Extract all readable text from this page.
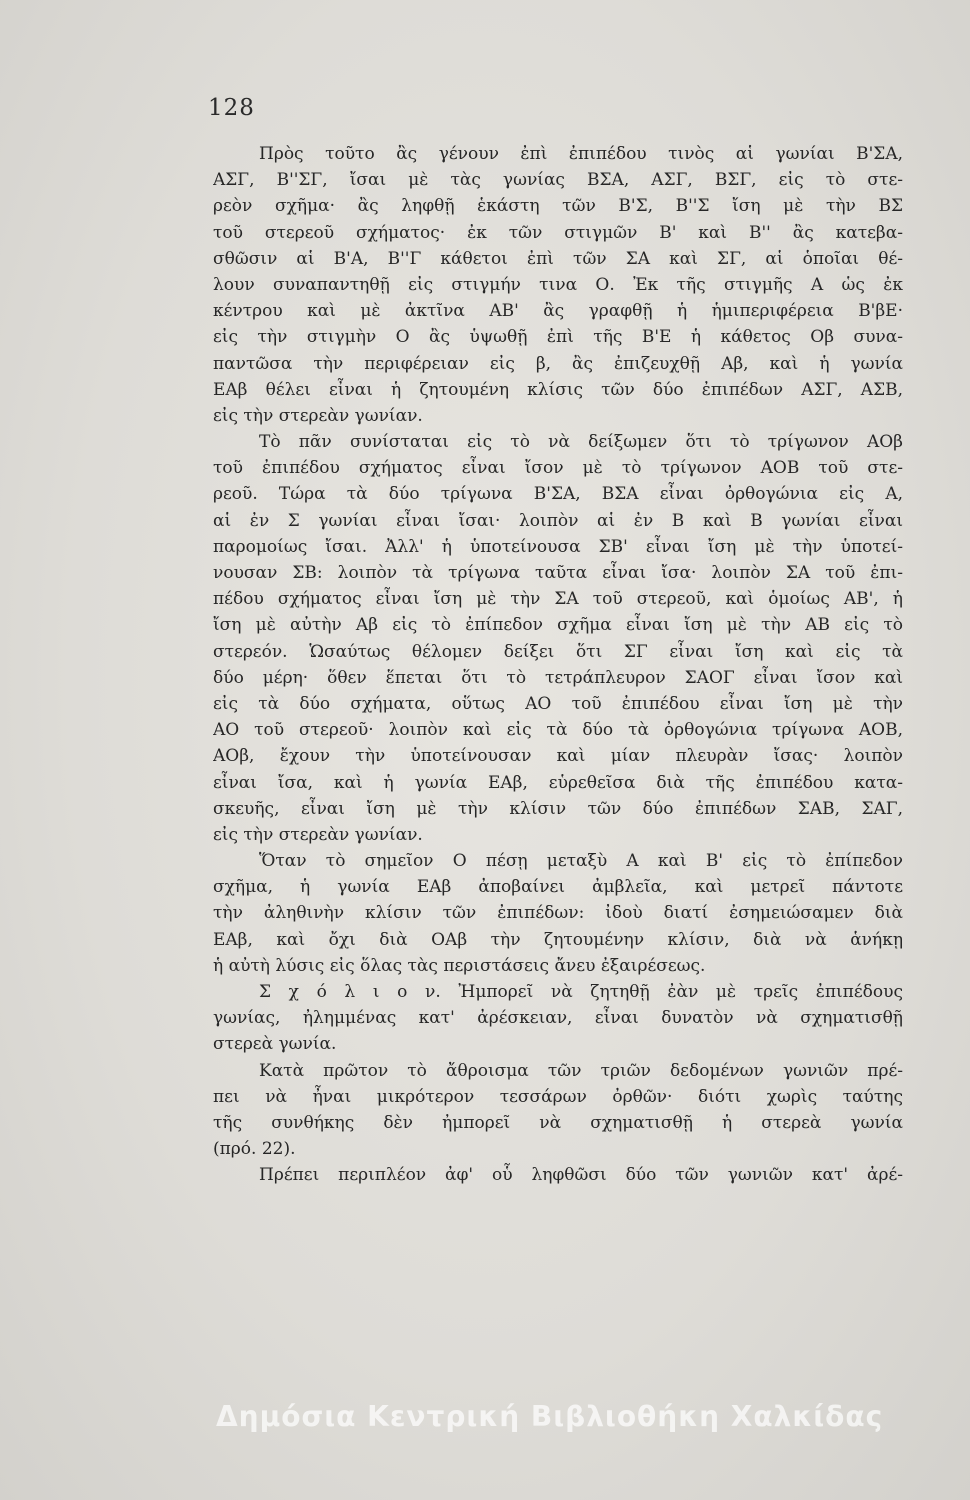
128
Πρὸς τοῦτο ἂς γένουν ἐπὶ ἐπιπέδου τινὸς αἱ γωνίαι Β'ΣΑ,
ΑΣΓ, Β''ΣΓ, ἴσαι μὲ τὰς γωνίας ΒΣΑ, ΑΣΓ, ΒΣΓ, εἰς τὸ στε-
ρεὸν σχῆμα· ἂς ληφθῇ ἑκάστη τῶν Β'Σ, Β''Σ ἴση μὲ τὴν ΒΣ
τοῦ στερεοῦ σχήματος· ἐκ τῶν στιγμῶν Β' καὶ Β'' ἂς κατεβα-
σθῶσιν αἱ Β'Α, Β''Γ κάθετοι ἐπὶ τῶν ΣΑ καὶ ΣΓ, αἱ ὁποῖαι θέ-
λουν συναπαντηθῇ εἰς στιγμήν τινα Ο. Ἐκ τῆς στιγμῆς Α ὡς ἐκ
κέντρου καὶ μὲ ἀκτῖνα ΑΒ' ἂς γραφθῇ ἡ ἡμιπεριφέρεια Β'βΕ·
εἰς τὴν στιγμὴν Ο ἂς ὑψωθῇ ἐπὶ τῆς Β'Ε ἡ κάθετος Οβ συνα-
παντῶσα τὴν περιφέρειαν εἰς β, ἂς ἐπιζευχθῇ Αβ, καὶ ἡ γωνία
ΕΑβ θέλει εἶναι ἡ ζητουμένη κλίσις τῶν δύο ἐπιπέδων ΑΣΓ, ΑΣΒ,
εἰς τὴν στερεὰν γωνίαν.
Τὸ πᾶν συνίσταται εἰς τὸ νὰ δείξωμεν ὅτι τὸ τρίγωνον ΑΟβ
τοῦ ἐπιπέδου σχήματος εἶναι ἴσον μὲ τὸ τρίγωνον ΑΟΒ τοῦ στε-
ρεοῦ. Τώρα τὰ δύο τρίγωνα Β'ΣΑ, ΒΣΑ εἶναι ὀρθογώνια εἰς Α,
αἱ ἐν Σ γωνίαι εἶναι ἴσαι· λοιπὸν αἱ ἐν Β καὶ Β γωνίαι εἶναι
παρομοίως ἴσαι. Ἀλλ' ἡ ὑποτείνουσα ΣΒ' εἶναι ἴση μὲ τὴν ὑποτεί-
νουσαν ΣΒ: λοιπὸν τὰ τρίγωνα ταῦτα εἶναι ἴσα· λοιπὸν ΣΑ τοῦ ἐπι-
πέδου σχήματος εἶναι ἴση μὲ τὴν ΣΑ τοῦ στερεοῦ, καὶ ὁμοίως ΑΒ', ἡ
ἴση μὲ αὐτὴν Αβ εἰς τὸ ἐπίπεδον σχῆμα εἶναι ἴση μὲ τὴν ΑΒ εἰς τὸ
στερεόν. Ὡσαύτως θέλομεν δείξει ὅτι ΣΓ εἶναι ἴση καὶ εἰς τὰ
δύο μέρη· ὅθεν ἕπεται ὅτι τὸ τετράπλευρον ΣΑΟΓ εἶναι ἴσον καὶ
εἰς τὰ δύο σχήματα, οὕτως ΑΟ τοῦ ἐπιπέδου εἶναι ἴση μὲ τὴν
ΑΟ τοῦ στερεοῦ· λοιπὸν καὶ εἰς τὰ δύο τὰ ὀρθογώνια τρίγωνα ΑΟΒ,
ΑΟβ, ἔχουν τὴν ὑποτείνουσαν καὶ μίαν πλευρὰν ἴσας· λοιπὸν
εἶναι ἴσα, καὶ ἡ γωνία ΕΑβ, εὑρεθεῖσα διὰ τῆς ἐπιπέδου κατα-
σκευῆς, εἶναι ἴση μὲ τὴν κλίσιν τῶν δύο ἐπιπέδων ΣΑΒ, ΣΑΓ,
εἰς τὴν στερεὰν γωνίαν.
Ὅταν τὸ σημεῖον Ο πέσῃ μεταξὺ Α καὶ Β' εἰς τὸ ἐπίπεδον
σχῆμα, ἡ γωνία ΕΑβ ἀποβαίνει ἀμβλεῖα, καὶ μετρεῖ πάντοτε
τὴν ἀληθινὴν κλίσιν τῶν ἐπιπέδων: ἰδοὺ διατί ἐσημειώσαμεν διὰ
ΕΑβ, καὶ ὄχι διὰ ΟΑβ τὴν ζητουμένην κλίσιν, διὰ νὰ ἁνήκῃ
ἡ αὐτὴ λύσις εἰς ὅλας τὰς περιστάσεις ἄνευ ἐξαιρέσεως.
Σ χ ό λ ι ο ν. Ἠμπορεῖ νὰ ζητηθῇ ἐὰν μὲ τρεῖς ἐπιπέδους
γωνίας, ἠλημμένας κατ' ἀρέσκειαν, εἶναι δυνατὸν νὰ σχηματισθῇ
στερεὰ γωνία.
Κατὰ πρῶτον τὸ ἄθροισμα τῶν τριῶν δεδομένων γωνιῶν πρέ-
πει νὰ ἦναι μικρότερον τεσσάρων ὀρθῶν· διότι χωρὶς ταύτης
τῆς συνθήκης δὲν ἠμπορεῖ νὰ σχηματισθῇ ἡ στερεὰ γωνία
(πρό. 22).
Πρέπει περιπλέον ἀφ' οὗ ληφθῶσι δύο τῶν γωνιῶν κατ' ἀρέ-
Δημόσια Κεντρική Βιβλιοθήκη Χαλκίδας
